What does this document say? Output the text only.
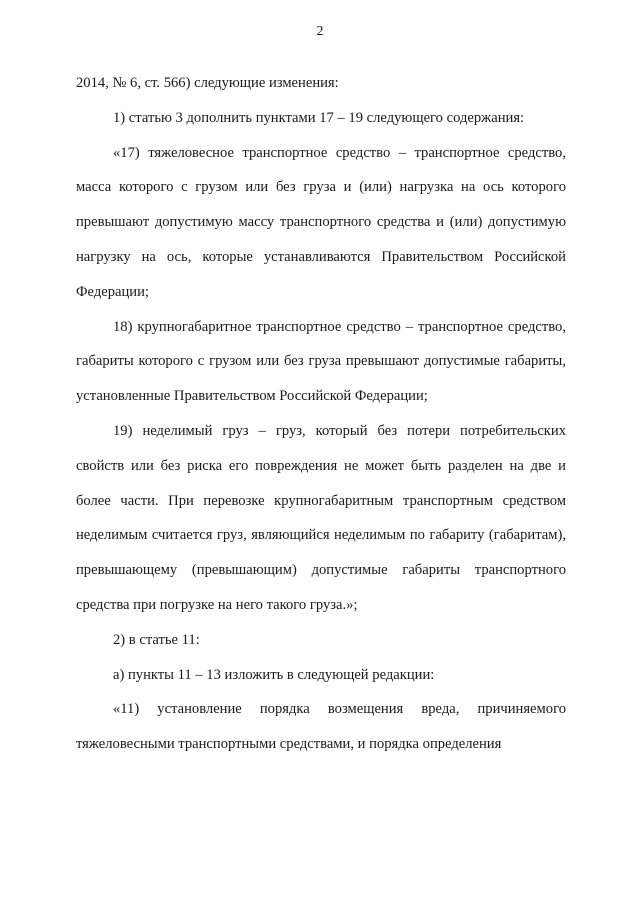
2

2014, № 6, ст. 566) следующие изменения:

1) статью 3 дополнить пунктами 17 – 19 следующего содержания:

«17) тяжеловесное транспортное средство – транспортное средство, масса которого с грузом или без груза и (или) нагрузка на ось которого превышают допустимую массу транспортного средства и (или) допустимую нагрузку на ось, которые устанавливаются Правительством Российской Федерации;

18) крупногабаритное транспортное средство – транспортное средство, габариты которого с грузом или без груза превышают допустимые габариты, установленные Правительством Российской Федерации;

19) неделимый груз – груз, который без потери потребительских свойств или без риска его повреждения не может быть разделен на две и более части. При перевозке крупногабаритным транспортным средством неделимым считается груз, являющийся неделимым по габариту (габаритам), превышающему (превышающим) допустимые габариты транспортного средства при погрузке на него такого груза.»;

2) в статье 11:

а) пункты 11 – 13 изложить в следующей редакции:

«11) установление порядка возмещения вреда, причиняемого тяжеловесными транспортными средствами, и порядка определения
